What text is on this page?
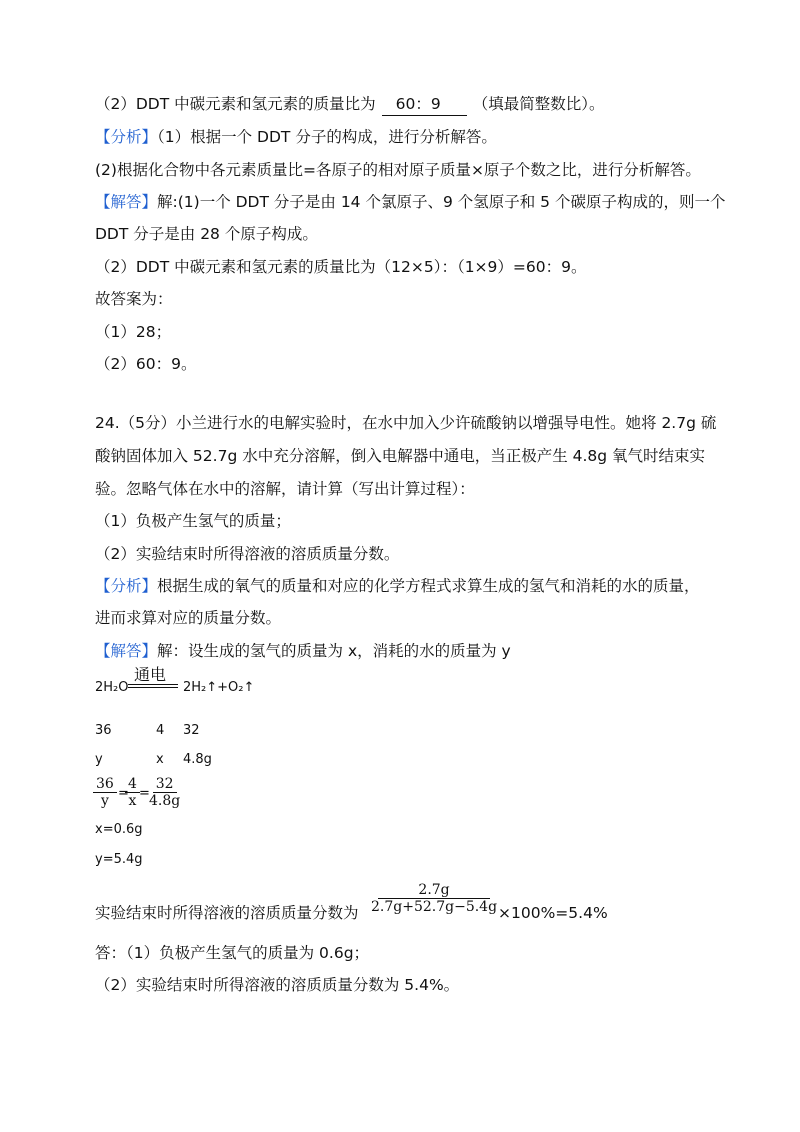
（2）DDT 中碳元素和氢元素的质量比为 60：9 （填最简整数比）。
【分析】（1）根据一个 DDT 分子的构成，进行分析解答。
(2)根据化合物中各元素质量比=各原子的相对原子质量×原子个数之比，进行分析解答。
【解答】解:(1)一个 DDT 分子是由 14 个氯原子、9 个氢原子和 5 个碳原子构成的，则一个
DDT 分子是由 28 个原子构成。
（2）DDT 中碳元素和氢元素的质量比为（12×5）：（1×9）=60：9。
故答案为：
（1）28；
（2）60：9。
24.（5分）小兰进行水的电解实验时，在水中加入少许硫酸钠以增强导电性。她将 2.7g 硫
酸钠固体加入 52.7g 水中充分溶解，倒入电解器中通电，当正极产生 4.8g 氧气时结束实
验。忽略气体在水中的溶解，请计算（写出计算过程）：
（1）负极产生氢气的质量；
（2）实验结束时所得溶液的溶质质量分数。
【分析】根据生成的氧气的质量和对应的化学方程式求算生成的氢气和消耗的水的质量，
进而求算对应的质量分数。
【解答】解：设生成的氢气的质量为 x，消耗的水的质量为 y
通电
2H₂O	2H₂↑+O₂↑
36	4 32
y	x 4.8g
$\frac{36}{y}$ =
$\frac{4}{x}$ =
$\frac{32}{4.8g}$
x=0.6g
y=5.4g
实验结束时所得溶液的溶质质量分数为 $\frac{2.7g}{2.7g+52.7g-5.4g}$
×100%=5.4%
答：（1）负极产生氢气的质量为 0.6g；
（2）实验结束时所得溶液的溶质质量分数为 5.4%。
